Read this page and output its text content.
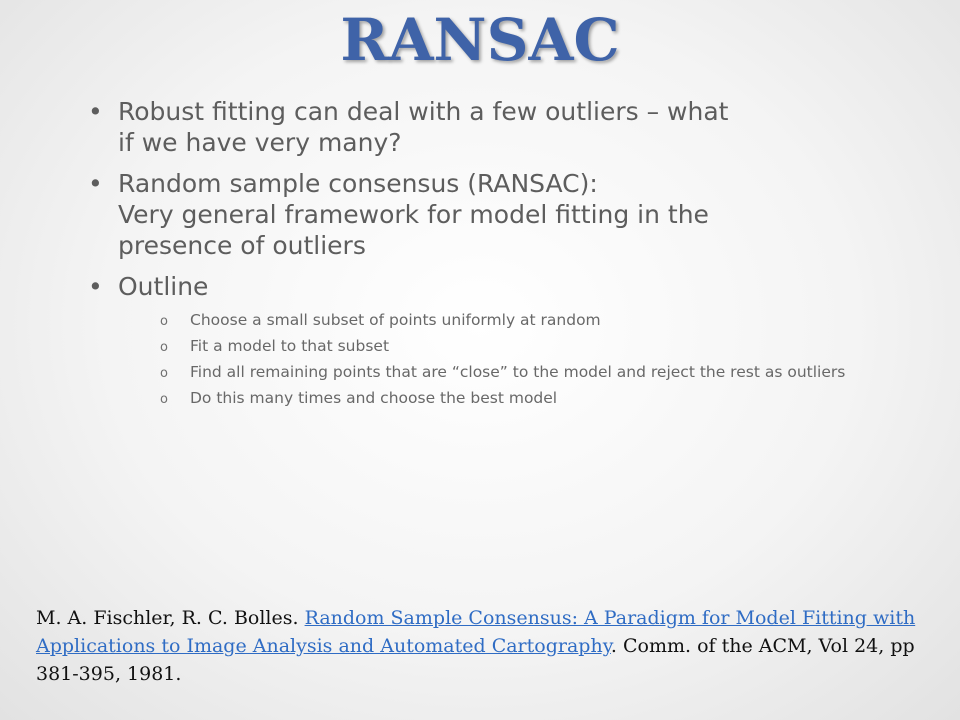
RANSAC
• Robust fitting can deal with a few outliers – what
if we have very many?
• Random sample consensus (RANSAC):
Very general framework for model fitting in the
presence of outliers
• Outline
o Choose a small subset of points uniformly at random
o Fit a model to that subset
o Find all remaining points that are “close” to the model and reject the rest as outliers
o Do this many times and choose the best model
M. A. Fischler, R. C. Bolles. Random Sample Consensus: A Paradigm for Model Fitting with Applications to Image Analysis and Automated Cartography. Comm. of the ACM, Vol 24, pp 381-395, 1981.
